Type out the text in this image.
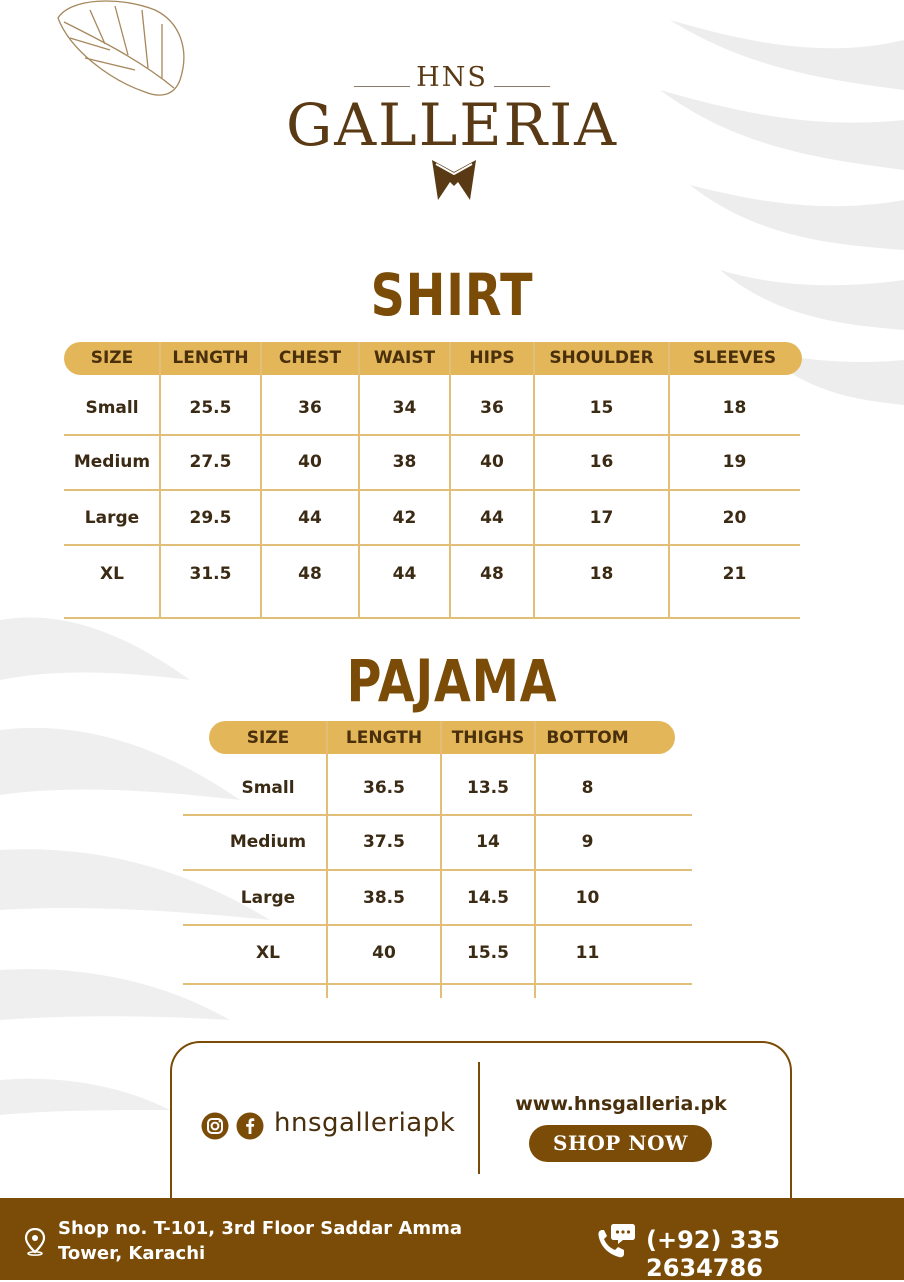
HNS
GALLERIA
SHIRT
SIZE	LENGTH	CHEST	WAIST	HIPS	SHOULDER	SLEEVES
Small	25.5	36	34	36	15	18
Medium	27.5	40	38	40	16	19
Large	29.5	44	42	44	17	20
XL	31.5	48	44	48	18	21
PAJAMA
SIZE	LENGTH	THIGHS	BOTTOM
Small	36.5	13.5	8
Medium	37.5	14	9
Large	38.5	14.5	10
XL	40	15.5	11
hnsgalleriapk
www.hnsgalleria.pk
SHOP NOW
Shop no. T-101, 3rd Floor Saddar Amma
Tower, Karachi	(+92) 335 2634786
